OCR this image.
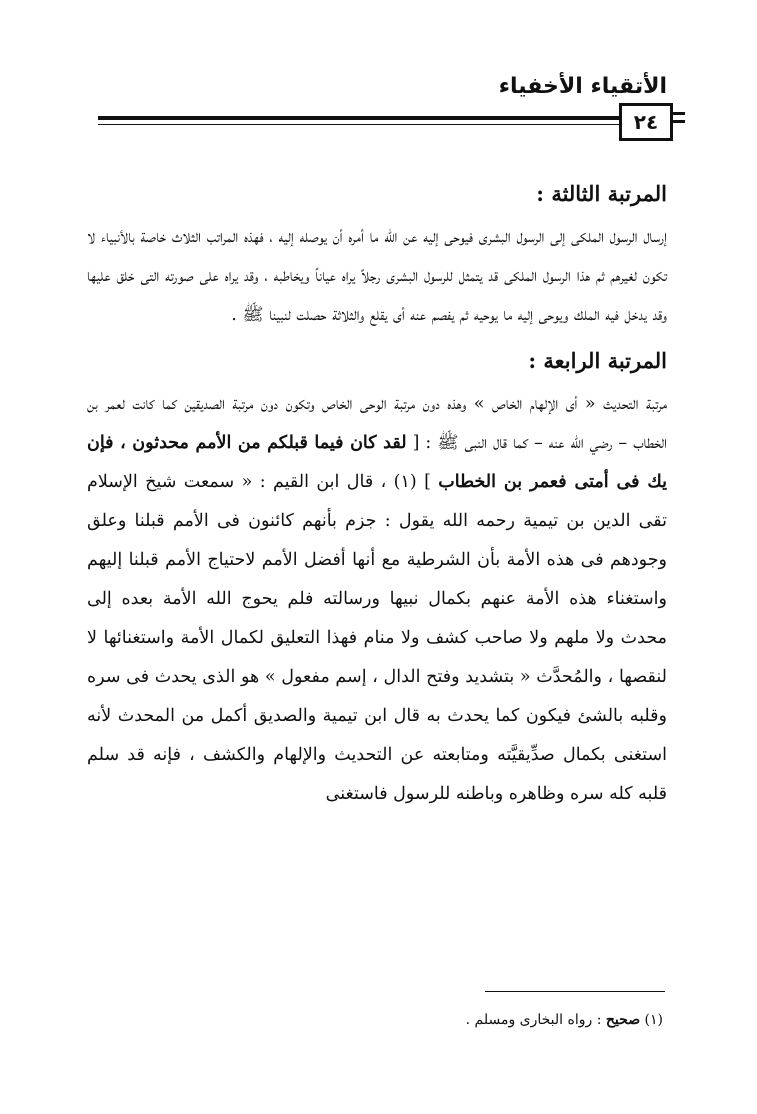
الأتقياء الأخفياء
٢٤

المرتبة الثالثة :

إرسال الرسول الملكى إلى الرسول البشرى فيوحى إليه عن الله ما أمره أن يوصله إليه ، فهذه المراتب الثلاث خاصة بالأنبياء لا تكون لغيرهم ثم هذا الرسول الملكى قد يتمثل للرسول البشرى رجلاً يراه عياناً ويخاطبه ، وقد يراه على صورته التى خلق عليها وقد يدخل فيه الملك ويوحى إليه ما يوحيه ثم يفصم عنه أى يقلع والثلاثة حصلت لنبينا ﷺ .

المرتبة الرابعة :

مرتبة التحديث « أى الإلهام الخاص » وهذه دون مرتبة الوحى الخاص وتكون دون مرتبة الصديقين كما كانت لعمر بن الخطاب – رضي الله عنه – كما قال النبى ﷺ : [ لقد كان فيما قبلكم من الأمم محدثون ، فإن يك فى أمتى فعمر بن الخطاب ] (١) ، قال ابن القيم : « سمعت شيخ الإسلام تقى الدين بن تيمية رحمه الله يقول : جزم بأنهم كائنون فى الأمم قبلنا وعلق وجودهم فى هذه الأمة بأن الشرطية مع أنها أفضل الأمم لاحتياج الأمم قبلنا إليهم واستغناء هذه الأمة عنهم بكمال نبيها ورسالته فلم يحوج الله الأمة بعده إلى محدث ولا ملهم ولا صاحب كشف ولا منام فهذا التعليق لكمال الأمة واستغنائها لا لنقصها ، والمُحدَّث « بتشديد وفتح الدال ، إسم مفعول » هو الذى يحدث فى سره وقلبه بالشئ فيكون كما يحدث به قال ابن تيمية والصديق أكمل من المحدث لأنه استغنى بكمال صدِّيقيَّته ومتابعته عن التحديث والإلهام والكشف ، فإنه قد سلم قلبه كله سره وظاهره وباطنه للرسول فاستغنى

(١) صحيح : رواه البخارى ومسلم .
